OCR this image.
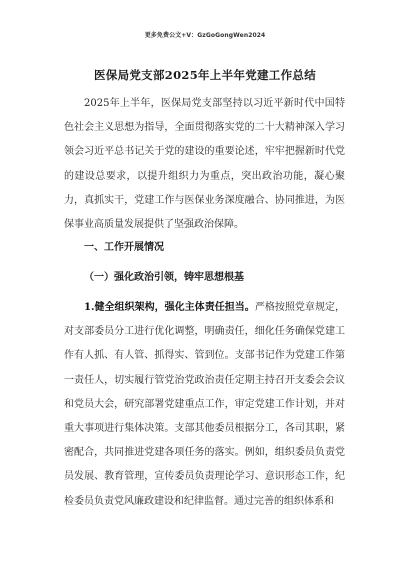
更多免费公文+V：GzGoGongWen2024
医保局党支部2025年上半年党建工作总结

2025年上半年，医保局党支部坚持以习近平新时代中国特色社会主义思想为指导，全面贯彻落实党的二十大精神深入学习领会习近平总书记关于党的建设的重要论述，牢牢把握新时代党的建设总要求，以提升组织力为重点，突出政治功能，凝心聚力，真抓实干，党建工作与医保业务深度融合、协同推进，为医保事业高质量发展提供了坚强政治保障。

一、工作开展情况
（一）强化政治引领，铸牢思想根基

1.健全组织架构，强化主体责任担当。严格按照党章规定，对支部委员分工进行优化调整，明确责任，细化任务确保党建工作有人抓、有人管、抓得实、管到位。支部书记作为党建工作第一责任人，切实履行管党治党政治责任定期主持召开支委会会议和党员大会，研究部署党建重点工作，审定党建工作计划，并对重大事项进行集体决策。支部其他委员根据分工，各司其职，紧密配合，共同推进党建各项任务的落实。例如，组织委员负责党员发展、教育管理，宣传委员负责理论学习、意识形态工作，纪检委员负责党风廉政建设和纪律监督。通过完善的组织体系和
